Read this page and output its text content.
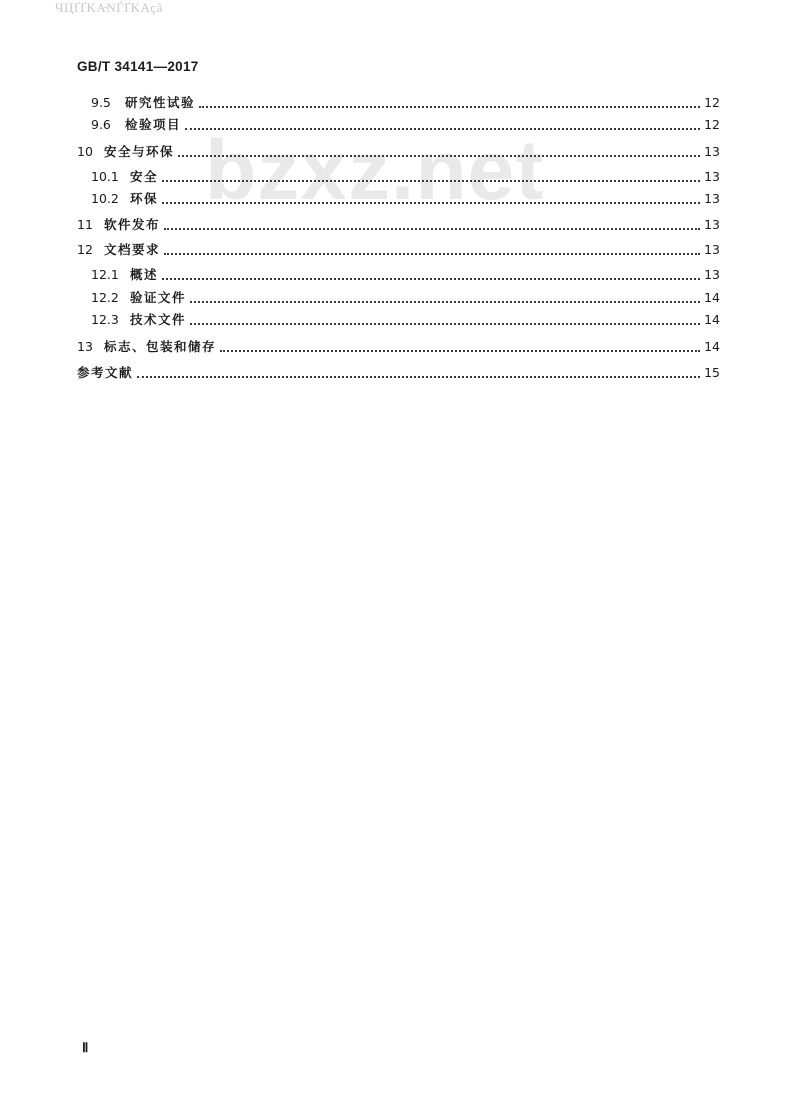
ЧЦҐҐKA̴NЃҐKAçã
GB/T 34141—2017
bzxz.net
9.5	研究性试验	12
9.6	检验项目	12
10 安全与环保	13
10.1 安全	13
10.2 环保	13
11 软件发布	13
12 文档要求	13
12.1 概述	13
12.2 验证文件	14
12.3 技术文件	14
13 标志、包装和储存	14
参考文献	15
Ⅱ
